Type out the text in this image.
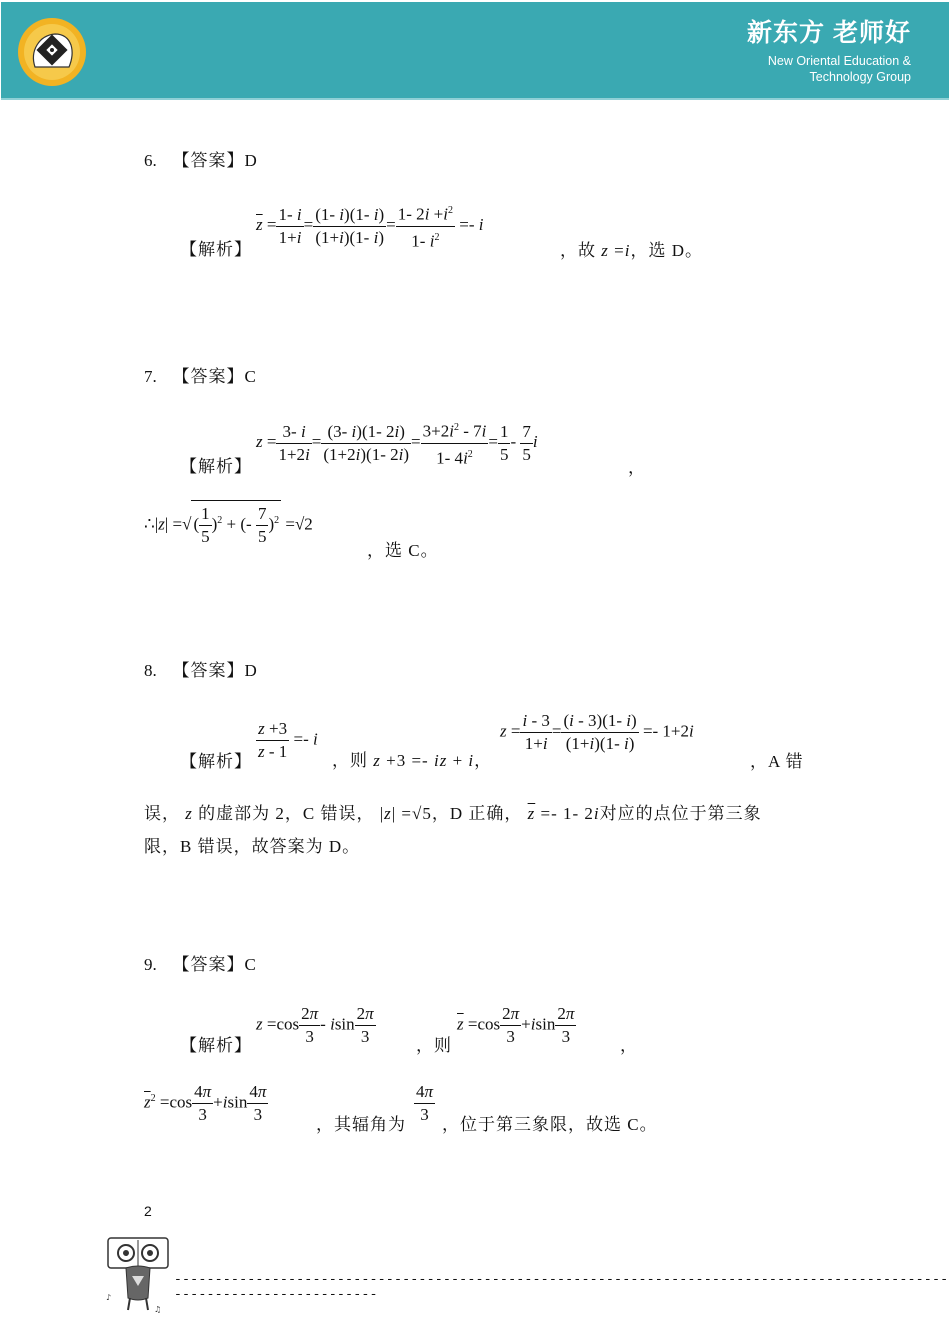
新东方 老师好
New Oriental Education &
Technology Group
6. 【答案】D
【解析】
$\overline{z} = \frac{1- i}{1+i} = \frac{(1- i)(1- i)}{(1+i)(1- i)} = \frac{1- 2i +i^2}{1- i^2} =- i$
，故 z =i，选 D。
7. 【答案】C
【解析】
$z = \frac{3- i}{1+2i} = \frac{(3- i)(1- 2i)}{(1+2i)(1- 2i)} = \frac{3+2i^2 - 7i}{1- 4i^2} = \frac{1}{5} - \frac{7}{5}$ i
，
∴|z| =√ ( $\frac{1}{5} )^2$ + (- $\frac{7}{5} )^2 =√2$
，选 C。
8. 【答案】D
【解析】 $\frac{z +3}{z - 1} =- i$
，则 z +3 =- iz + i，
$z = \frac{i - 3}{1+i} = \frac{(i - 3)(1- i)}{(1+i)(1- i)} =- 1+2i$
，A 错
误， z 的虚部为 2，C 错误， |z| =√5，D 正确， $\overline{z} =- 1-$ 2i对应的点位于第三象
限，B 错误，故答案为 D。
9. 【答案】C
【解析】
$z =\cos \frac{2\pi}{3} - isin \frac{2\pi}{3}$ ，则
$\overline{z} =\cos \frac{2\pi}{3} +isin \frac{2\pi}{3}$	，
$\overline{z}^2 =\cos \frac{4\pi}{3} +isin \frac{4\pi}{3}$	，其辐角为 $\frac{4\pi}{3}$ ，位于第三象限，故选 C。
2
♪
♫
------------------------------------------------------------------------------------------------------------------------
